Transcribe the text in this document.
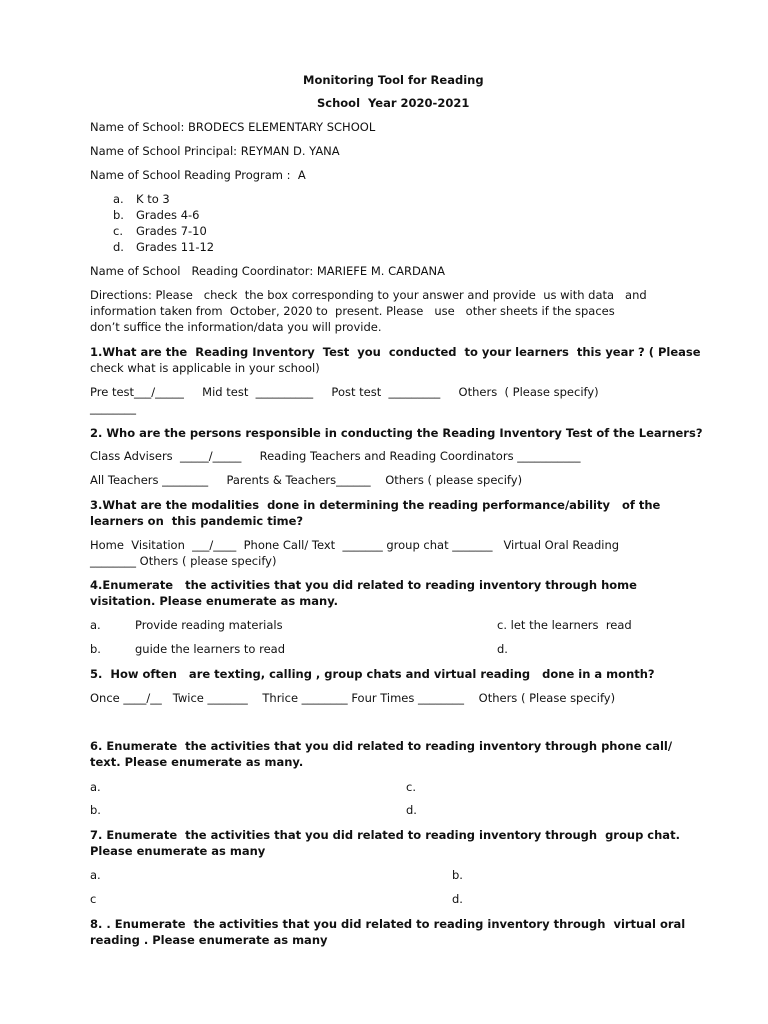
Monitoring Tool for Reading
School  Year 2020-2021
Name of School: BRODECS ELEMENTARY SCHOOL
Name of School Principal: REYMAN D. YANA
Name of School Reading Program :  A
a. K to 3
b. Grades 4-6
c. Grades 7-10
d. Grades 11-12
Name of School   Reading Coordinator: MARIEFE M. CARDANA
Directions: Please   check  the box corresponding to your answer and provide  us with data   and
information taken from  October, 2020 to  present. Please   use   other sheets if the spaces
don’t suffice the information/data you will provide.
1.What are the  Reading Inventory  Test  you  conducted  to your learners  this year ? ( Please
check what is applicable in your school)
Pre test___/_____     Mid test  __________     Post test  _________     Others  ( Please specify)
________
2. Who are the persons responsible in conducting the Reading Inventory Test of the Learners?
Class Advisers  _____/_____     Reading Teachers and Reading Coordinators ___________
All Teachers ________     Parents & Teachers______    Others ( please specify)
3.What are the modalities  done in determining the reading performance/ability   of the
learners on  this pandemic time?
Home  Visitation  ___/____  Phone Call/ Text  _______ group chat _______   Virtual Oral Reading
________ Others ( please specify)
4.Enumerate   the activities that you did related to reading inventory through home
visitation. Please enumerate as many.
a.	Provide reading materials	c. let the learners  read
b.	guide the learners to read	d.
5.  How often   are texting, calling , group chats and virtual reading   done in a month?
Once ____/__   Twice _______    Thrice ________ Four Times ________    Others ( Please specify)
6. Enumerate  the activities that you did related to reading inventory through phone call/
text. Please enumerate as many.
a.	c.
b.	d.
7. Enumerate  the activities that you did related to reading inventory through  group chat.
Please enumerate as many
a.	b.
c	d.
8. . Enumerate  the activities that you did related to reading inventory through  virtual oral
reading . Please enumerate as many
